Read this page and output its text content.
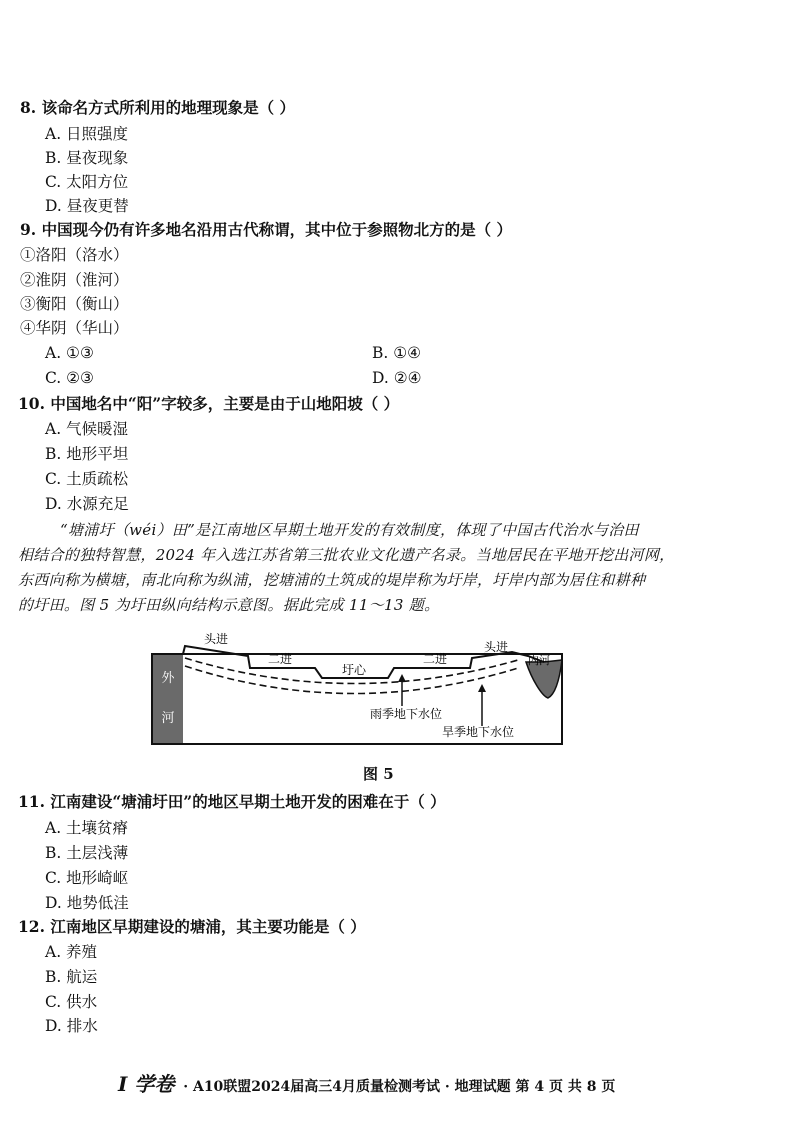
8. 该命名方式所利用的地理现象是（ ）
A. 日照强度
B. 昼夜现象
C. 太阳方位
D. 昼夜更替
9. 中国现今仍有许多地名沿用古代称谓，其中位于参照物北方的是（ ）
①洛阳（洛水）
②淮阴（淮河）
③衡阳（衡山）
④华阴（华山）
A. ①③	B. ①④
C. ②③	D. ②④
10. 中国地名中“阳”字较多，主要是由于山地阳坡（ ）
A. 气候暖湿
B. 地形平坦
C. 土质疏松
D. 水源充足
“塘浦圩（wéi）田”是江南地区早期土地开发的有效制度，体现了中国古代治水与治田
相结合的独特智慧，2024 年入选江苏省第三批农业文化遗产名录。当地居民在平地开挖出河网，
东西向称为横塘，南北向称为纵浦，挖塘浦的土筑成的堤岸称为圩岸，圩岸内部为居住和耕种
的圩田。图 5 为圩田纵向结构示意图。据此完成 11～13 题。
外
河
头进
二进
圩心
二进
头进
内河
雨季地下水位
旱季地下水位
图 5
11. 江南建设“塘浦圩田”的地区早期土地开发的困难在于（ ）
A. 土壤贫瘠
B. 土层浅薄
C. 地形崎岖
D. 地势低洼
12. 江南地区早期建设的塘浦，其主要功能是（ ）
A. 养殖
B. 航运
C. 供水
D. 排水
I 学卷 · A10联盟2024届高三4月质量检测考试 · 地理试题 第 4 页 共 8 页
